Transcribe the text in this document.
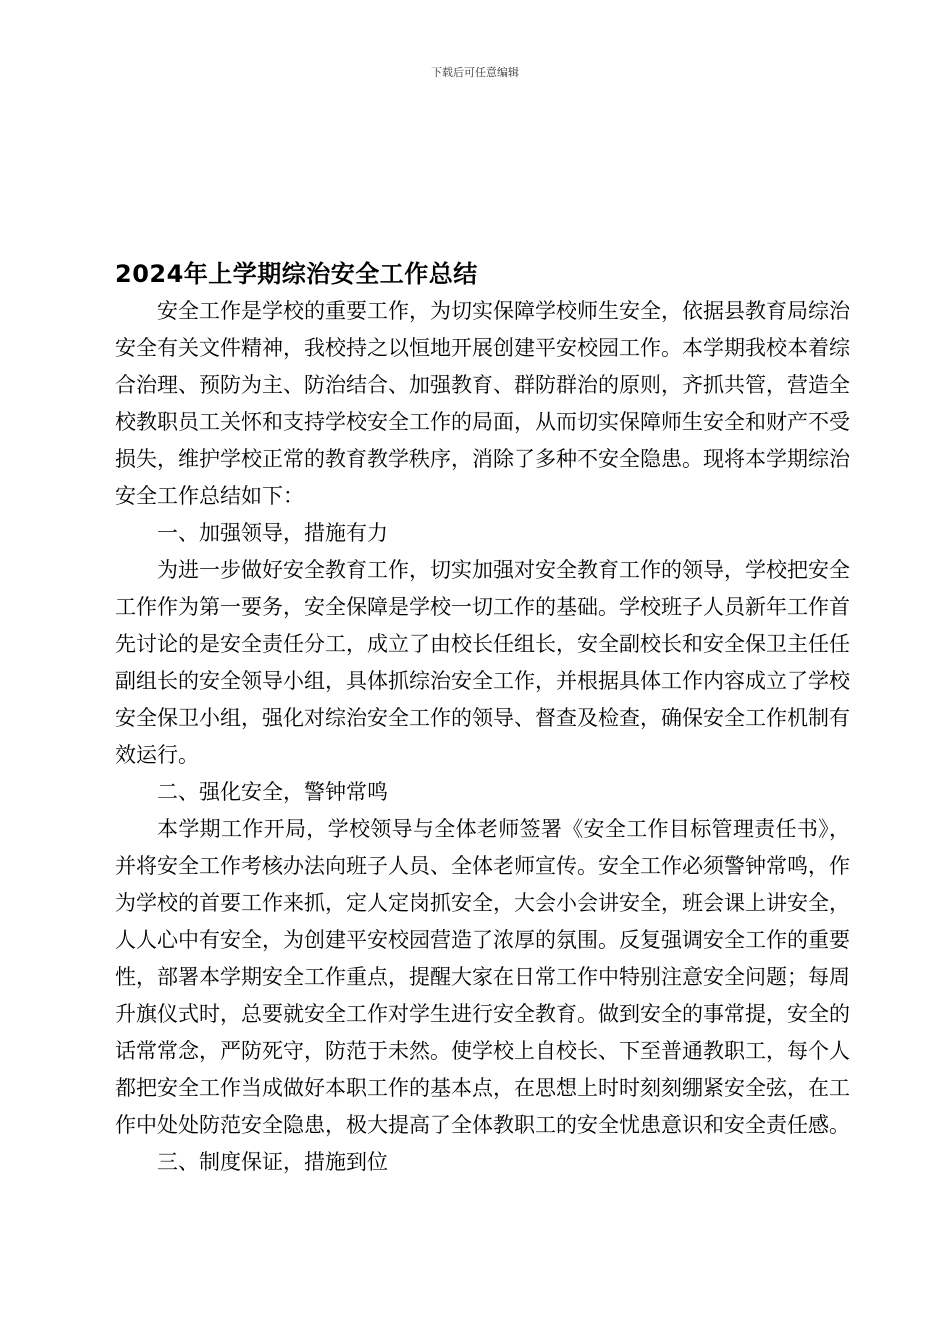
下载后可任意编辑
2024年上学期综治安全工作总结

安全工作是学校的重要工作，为切实保障学校师生安全，依据县教育局综治安全有关文件精神，我校持之以恒地开展创建平安校园工作。本学期我校本着综合治理、预防为主、防治结合、加强教育、群防群治的原则，齐抓共管，营造全校教职员工关怀和支持学校安全工作的局面，从而切实保障师生安全和财产不受损失，维护学校正常的教育教学秩序，消除了多种不安全隐患。现将本学期综治安全工作总结如下：

一、加强领导，措施有力

为进一步做好安全教育工作，切实加强对安全教育工作的领导，学校把安全工作作为第一要务，安全保障是学校一切工作的基础。学校班子人员新年工作首先讨论的是安全责任分工，成立了由校长任组长，安全副校长和安全保卫主任任副组长的安全领导小组，具体抓综治安全工作，并根据具体工作内容成立了学校安全保卫小组，强化对综治安全工作的领导、督查及检查，确保安全工作机制有效运行。

二、强化安全，警钟常鸣

本学期工作开局，学校领导与全体老师签署《安全工作目标管理责任书》，并将安全工作考核办法向班子人员、全体老师宣传。安全工作必须警钟常鸣，作为学校的首要工作来抓，定人定岗抓安全，大会小会讲安全，班会课上讲安全，人人心中有安全，为创建平安校园营造了浓厚的氛围。反复强调安全工作的重要性，部署本学期安全工作重点，提醒大家在日常工作中特别注意安全问题；每周升旗仪式时，总要就安全工作对学生进行安全教育。做到安全的事常提，安全的话常常念，严防死守，防范于未然。使学校上自校长、下至普通教职工，每个人都把安全工作当成做好本职工作的基本点，在思想上时时刻刻绷紧安全弦，在工作中处处防范安全隐患，极大提高了全体教职工的安全忧患意识和安全责任感。

三、制度保证，措施到位
